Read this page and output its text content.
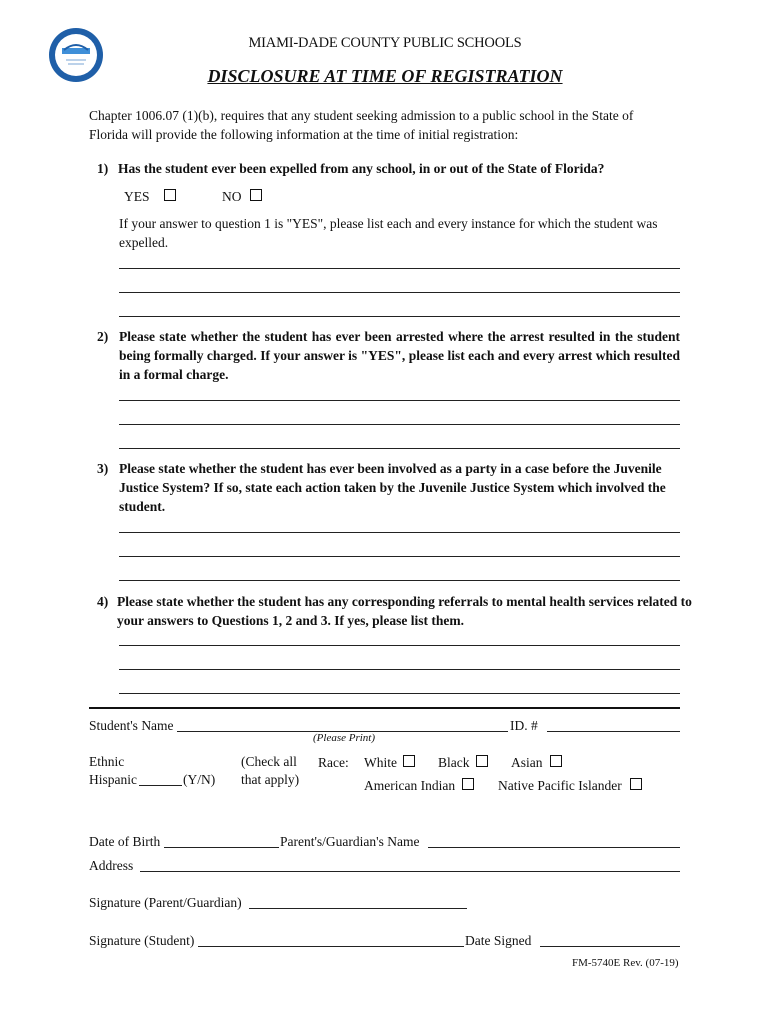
MIAMI-DADE COUNTY PUBLIC SCHOOLS
DISCLOSURE AT TIME OF REGISTRATION
Chapter 1006.07 (1)(b), requires that any student seeking admission to a public school in the State of Florida will provide the following information at the time of initial registration:
1) Has the student ever been expelled from any school, in or out of the State of Florida?
YES	NO
If your answer to question 1 is "YES", please list each and every instance for which the student was expelled.
2) Please state whether the student has ever been arrested where the arrest resulted in the student being formally charged. If your answer is "YES", please list each and every arrest which resulted in a formal charge.
3) Please state whether the student has ever been involved as a party in a case before the Juvenile Justice System? If so, state each action taken by the Juvenile Justice System which involved the student.
4) Please state whether the student has any corresponding referrals to mental health services related to your answers to Questions 1, 2 and 3. If yes, please list them.
Student's Name	ID. #
(Please Print)
Ethnic
Hispanic	(Y/N)
(Check all
that apply)
Race: White	Black	Asian
American Indian	Native Pacific Islander
Date of Birth	Parent's/Guardian's Name
Address
Signature (Parent/Guardian)
Signature (Student)	Date Signed
FM-5740E Rev. (07-19)
